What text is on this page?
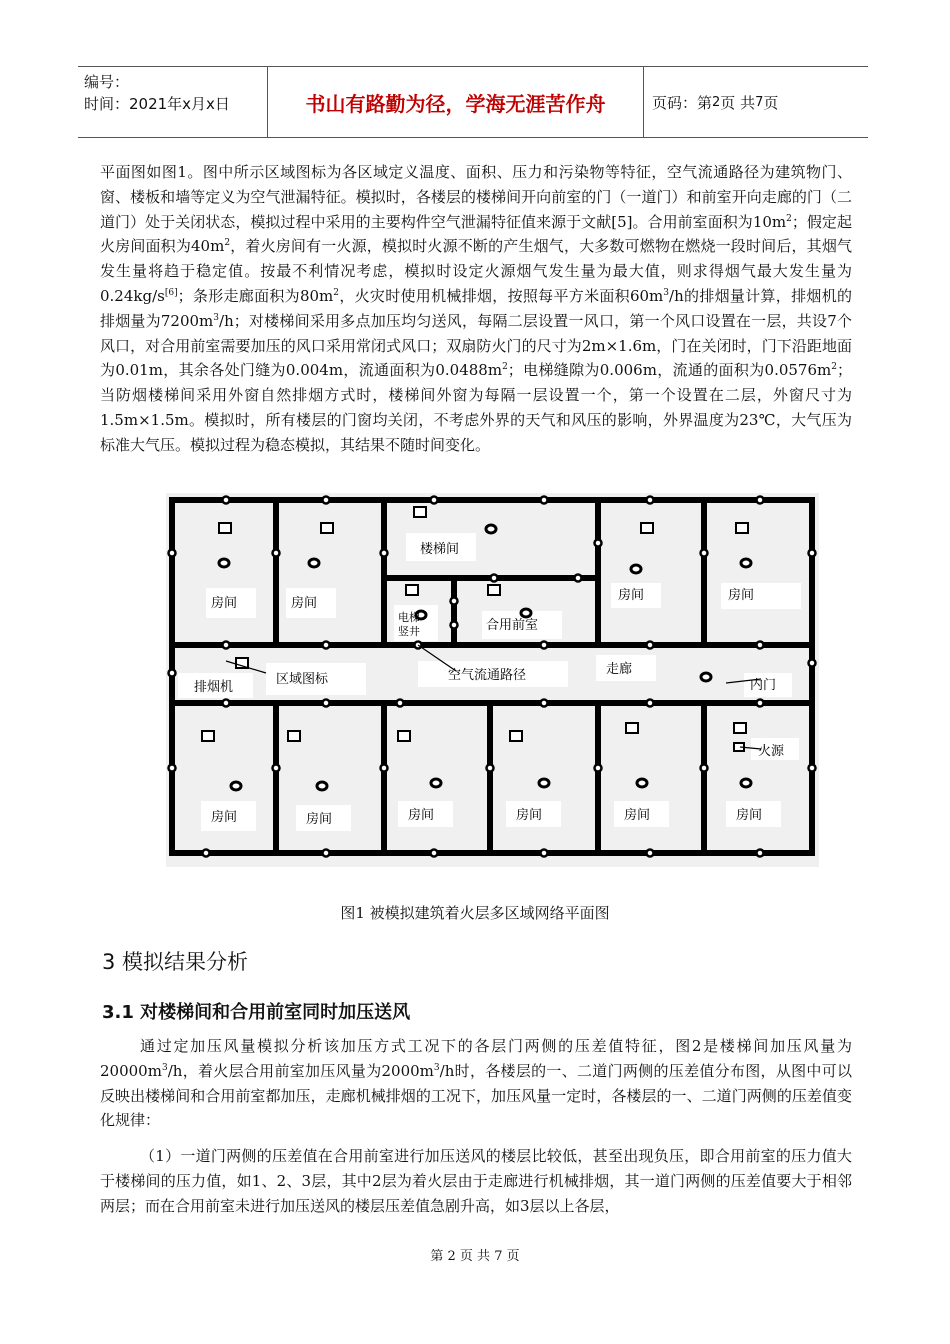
编号：
时间：2021年x月x日	书山有路勤为径，学海无涯苦作舟	页码：第 2 页 共 7 页

平面图如图1。图中所示区域图标为各区域定义温度、面积、压力和污染物等特征，空气流通路径为建筑物门、窗、楼板和墙等定义为空气泄漏特征。模拟时，各楼层的楼梯间开向前室的门（一道门）和前室开向走廊的门（二道门）处于关闭状态，模拟过程中采用的主要构件空气泄漏特征值来源于文献[5]。合用前室面积为$10m^2$；假定起火房间面积为$40m^2$，着火房间有一火源，模拟时火源不断的产生烟气，大多数可燃物在燃烧一段时间后，其烟气发生量将趋于稳定值。按最不利情况考虑，模拟时设定火源烟气发生量为最大值，则求得烟气最大发生量为0.24kg/s[6]；条形走廊面积为$80m^2$，火灾时使用机械排烟，按照每平方米面积$60m^3/h$的排烟量计算，排烟机的排烟量为$7200m^3/h$；对楼梯间采用多点加压均匀送风，每隔二层设置一风口，第一个风口设置在一层，共设7个风口，对合用前室需要加压的风口采用常闭式风口；双扇防火门的尺寸为2m×1.6m，门在关闭时，门下沿距地面为0.01m，其余各处门缝为0.004m，流通面积为$0.0488m^2$；电梯缝隙为0.006m，流通的面积为$0.0576m^2$；当防烟楼梯间采用外窗自然排烟方式时，楼梯间外窗为每隔一层设置一个，第一个设置在二层，外窗尺寸为1.5m×1.5m。模拟时，所有楼层的门窗均关闭，不考虑外界的天气和风压的影响，外界温度为23℃，大气压为标准大气压。模拟过程为稳态模拟，其结果不随时间变化。

房间	房间
楼梯间
电梯
竖井	合用前室
房间	房间
排烟机
区域图标	空气流通路径	走廊
内门
火源
房间	房间	房间	房间	房间	房间
图1 被模拟建筑着火层多区域网络平面图
3 模拟结果分析
3.1 对楼梯间和合用前室同时加压送风

通过定加压风量模拟分析该加压方式工况下的各层门两侧的压差值特征，图2是楼梯间加压风量为$20000m^3/h$，着火层合用前室加压风量为$2000m^3/h$时，各楼层的一、二道门两侧的压差值分布图，从图中可以反映出楼梯间和合用前室都加压，走廊机械排烟的工况下，加压风量一定时，各楼层的一、二道门两侧的压差值变化规律：

（1）一道门两侧的压差值在合用前室进行加压送风的楼层比较低，甚至出现负压，即合用前室的压力值大于楼梯间的压力值，如1、2、3层，其中2层为着火层由于走廊进行机械排烟，其一道门两侧的压差值要大于相邻两层；而在合用前室未进行加压送风的楼层压差值急剧升高，如3层以上各层，

第 2 页 共 7 页
